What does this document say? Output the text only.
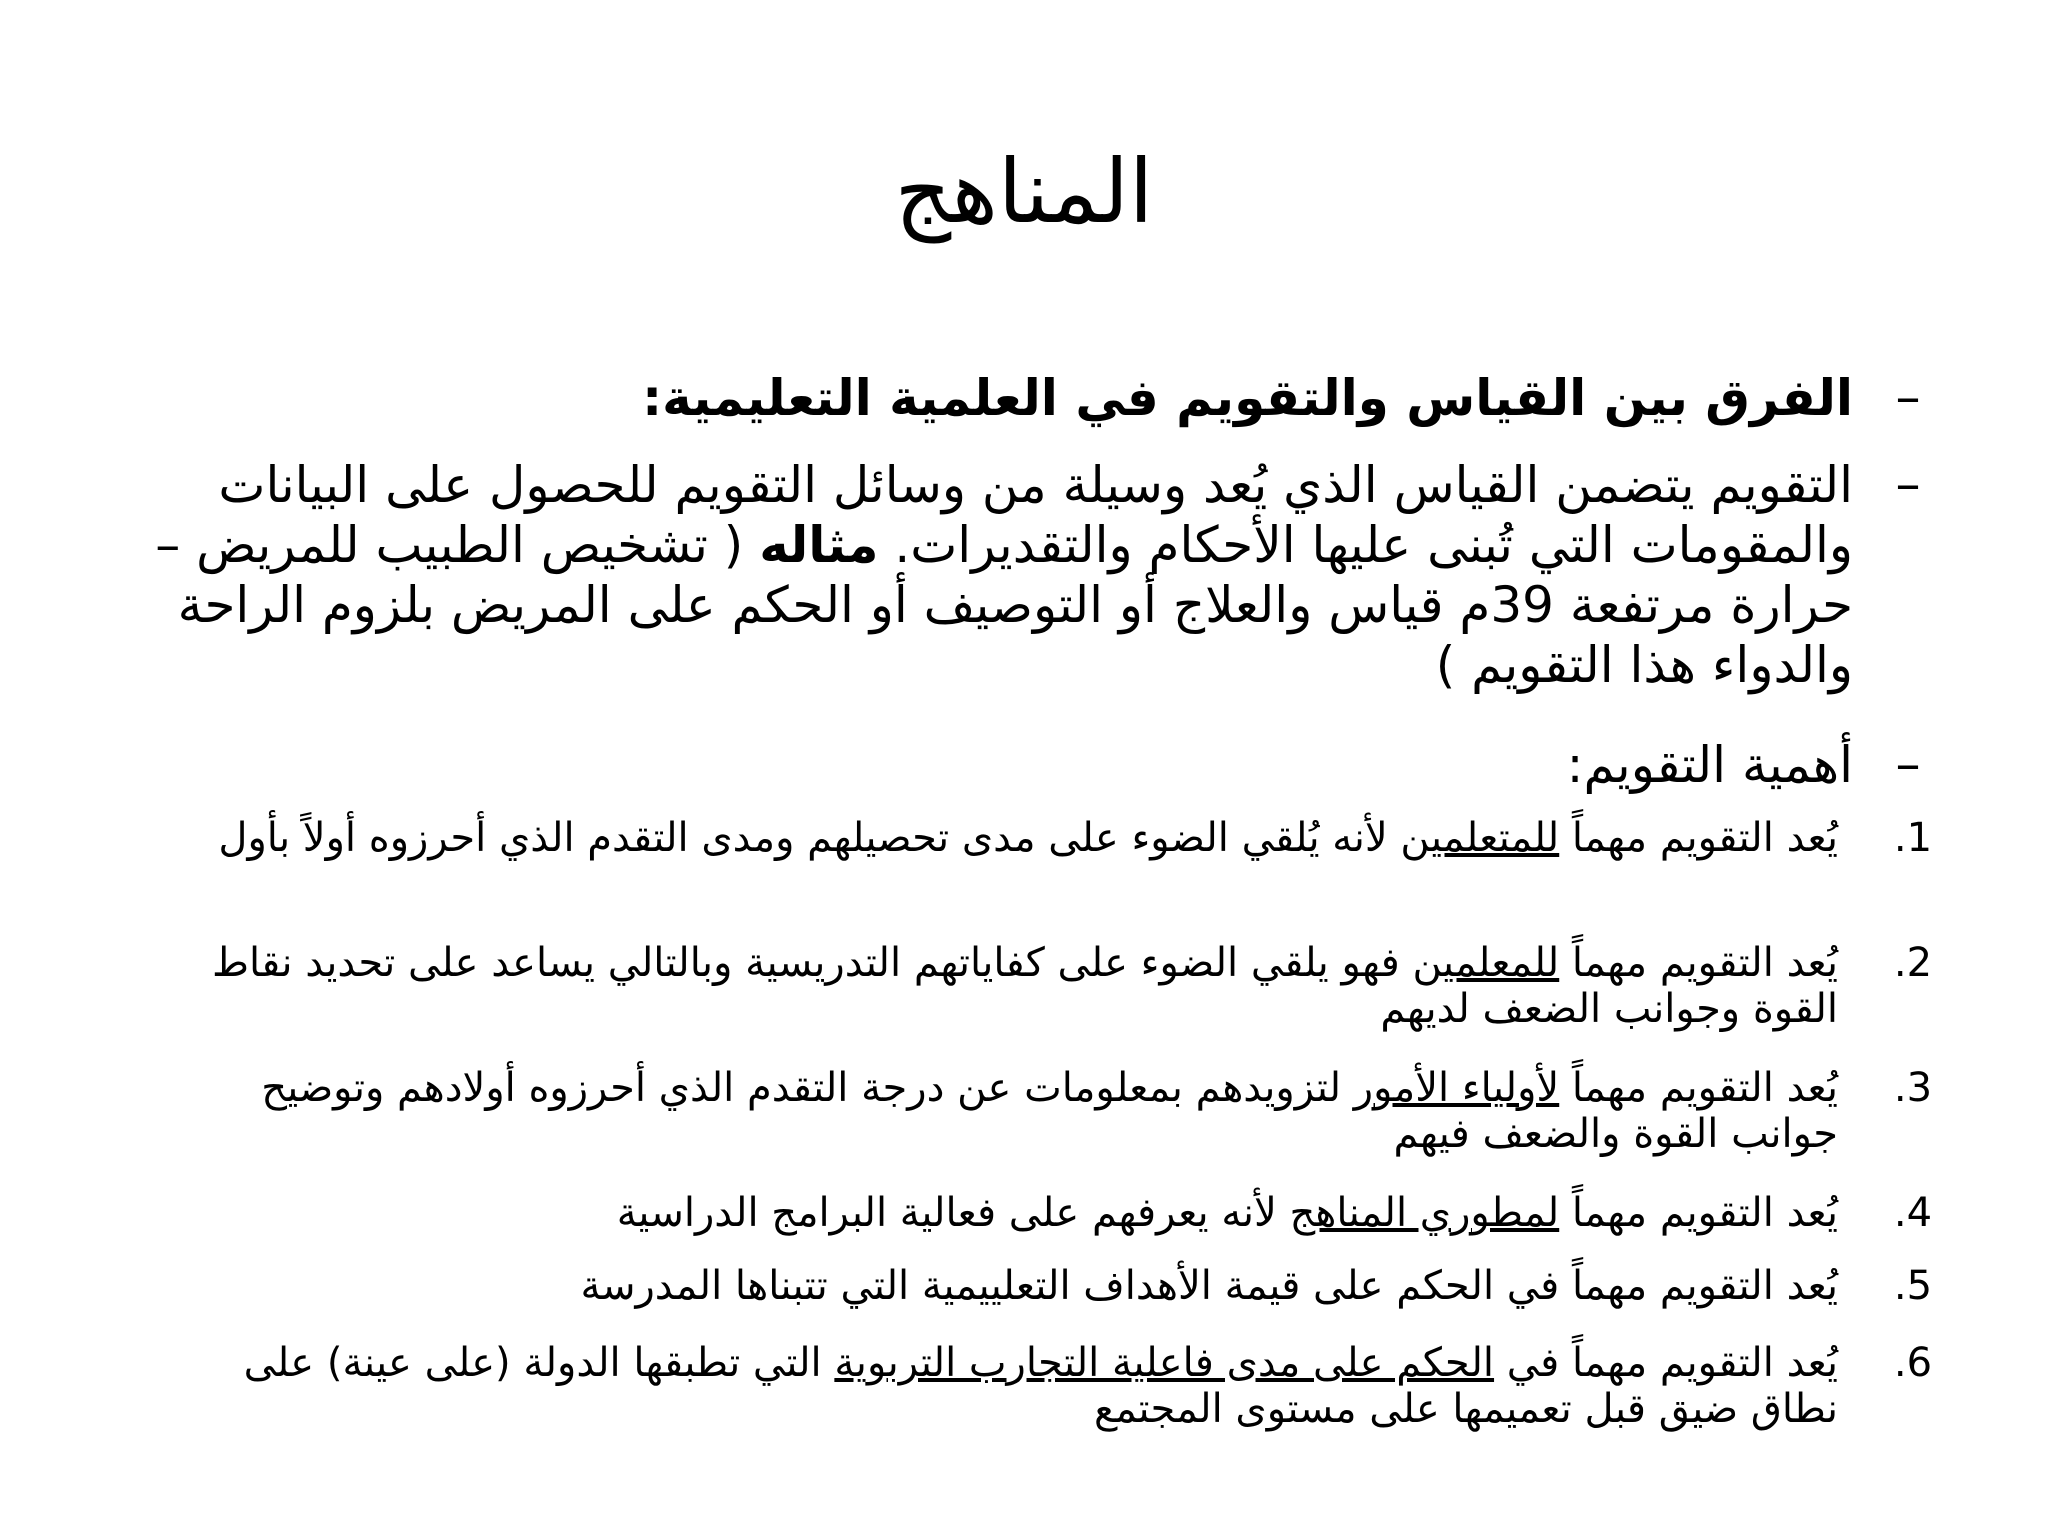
المناهج
–
الفرق بين القياس والتقويم في العلمية التعليمية:
–
التقويم يتضمن القياس الذي يُعد وسيلة من وسائل التقويم للحصول على البيانات والمقومات التي تُبنى عليها الأحكام والتقديرات. مثاله ( تشخيص الطبيب للمريض – حرارة مرتفعة 39م قياس والعلاج أو التوصيف أو الحكم على المريض بلزوم الراحة والدواء هذا التقويم )
–
أهمية التقويم:
1.
يُعد التقويم مهماً للمتعلمين لأنه يُلقي الضوء على مدى تحصيلهم ومدى التقدم الذي أحرزوه أولاً بأول
2.
يُعد التقويم مهماً للمعلمين فهو يلقي الضوء على كفاياتهم التدريسية وبالتالي يساعد على تحديد نقاط القوة وجوانب الضعف لديهم
3.
يُعد التقويم مهماً لأولياء الأمور لتزويدهم بمعلومات عن درجة التقدم الذي أحرزوه أولادهم وتوضيح جوانب القوة والضعف فيهم
4.
يُعد التقويم مهماً لمطوري المناهج لأنه يعرفهم على فعالية البرامج الدراسية
5.
يُعد التقويم مهماً في الحكم على قيمة الأهداف التعلييمية التي تتبناها المدرسة
6.
يُعد التقويم مهماً في الحكم على مدى فاعلية التجارب التربوية التي تطبقها الدولة (على عينة) على نطاق ضيق قبل تعميمها على مستوى المجتمع
